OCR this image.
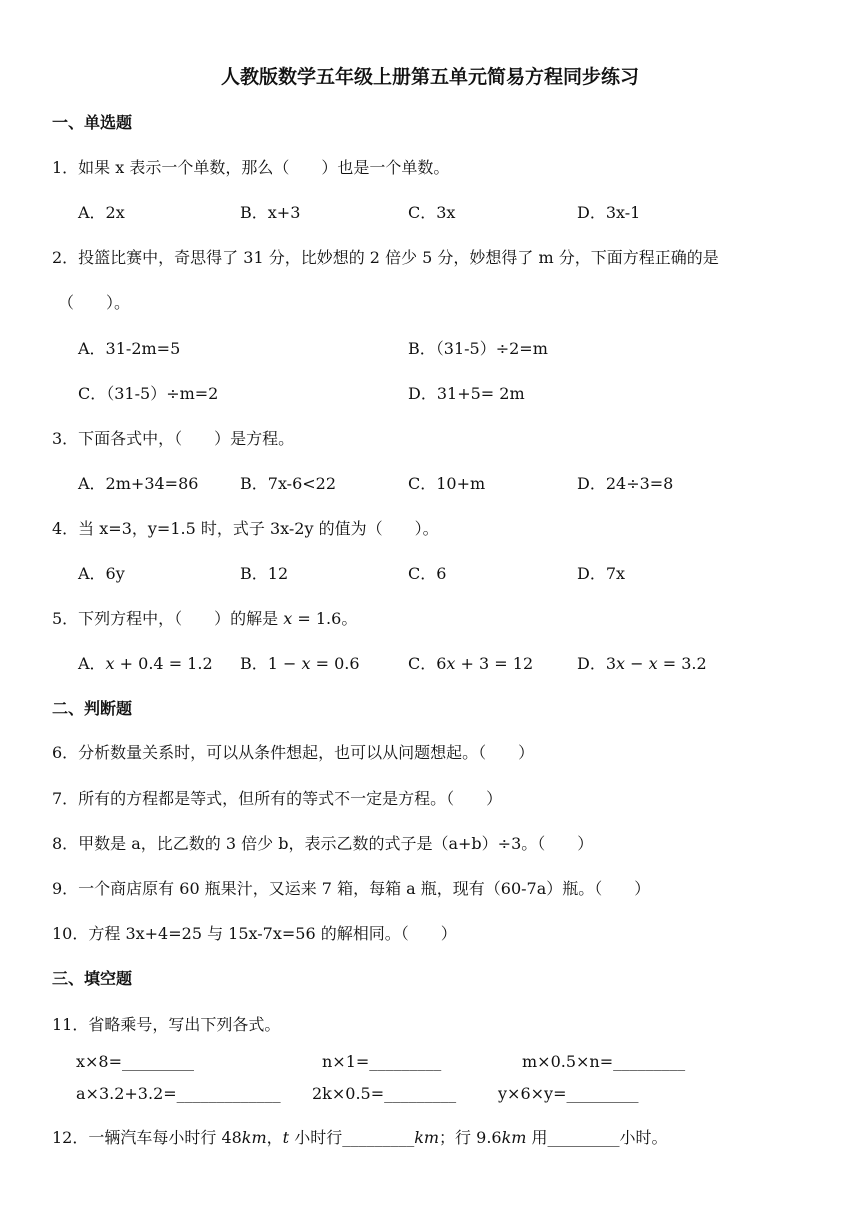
人教版数学五年级上册第五单元简易方程同步练习
一、单选题
1．如果 x 表示一个单数，那么（　　）也是一个单数。
A．2x	B．x+3	C．3x	D．3x-1
2．投篮比赛中，奇思得了 31 分，比妙想的 2 倍少 5 分，妙想得了 m 分，下面方程正确的是
（　　）。
A．31-2m=5	B．（31-5）÷2=m
C．（31-5）÷m=2	D．31+5= 2m
3．下面各式中，（　　）是方程。
A．2m+34=86	B．7x-6<22	C．10+m	D．24÷3=8
4．当 x=3，y=1.5 时，式子 3x-2y 的值为（　　）。
A．6y	B．12	C．6	D．7x
5．下列方程中，（　　）的解是 𝑥 = 1.6。
A．𝑥 + 0.4 = 1.2 B．1 − 𝑥 = 0.6	C．6𝑥 + 3 = 12	D．3𝑥 − 𝑥 = 3.2
二、判断题
6．分析数量关系时，可以从条件想起，也可以从问题想起。（　　）
7．所有的方程都是等式，但所有的等式不一定是方程。（　　）
8．甲数是 a，比乙数的 3 倍少 b，表示乙数的式子是（a+b）÷3。（　　）
9．一个商店原有 60 瓶果汁，又运来 7 箱，每箱 a 瓶，现有（60-7a）瓶。（　　）
10．方程 3x+4=25 与 15x-7x=56 的解相同。（　　）
三、填空题
11．省略乘号，写出下列各式。
x×8=_________	n×1=_________	m×0.5×n=_________
a×3.2+3.2=_____________ 2k×0.5=_________	y×6×y=_________
12．一辆汽车每小时行 48𝑘𝑚，𝑡 小时行_________𝑘𝑚；行 9.6𝑘𝑚 用_________小时。
